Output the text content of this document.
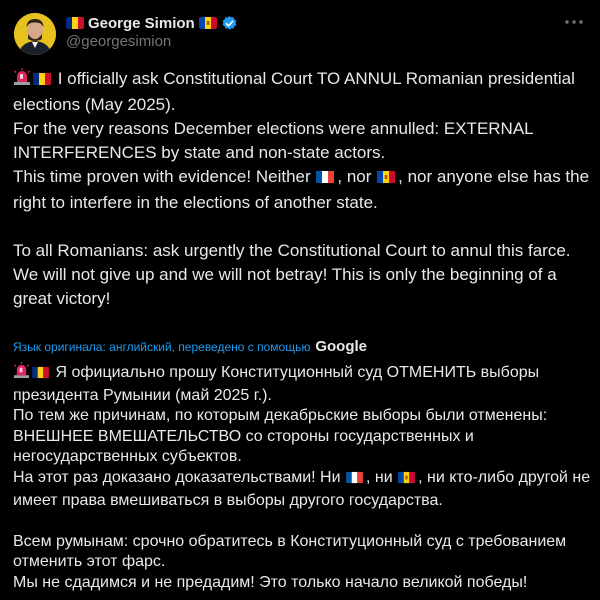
George Simion
@georgesimion

I officially ask Constitutional Court TO ANNUL Romanian presidential elections (May 2025).

For the very reasons December elections were annulled: EXTERNAL INTERFERENCES by state and non-state actors.

This time proven with evidence! Neither , nor , nor anyone else has the right to interfere in the elections of another state.

To all Romanians: ask urgently the Constitutional Court to annul this farce.

We will not give up and we will not betray! This is only the beginning of a great victory!

Язык оригинала: английский, переведено с помощью Google

Я официально прошу Конституционный суд ОТМЕНИТЬ выборы президента Румынии (май 2025 г.).

По тем же причинам, по которым декабрьские выборы были отменены: ВНЕШНЕЕ ВМЕШАТЕЛЬСТВО со стороны государственных и негосударственных субъектов.

На этот раз доказано доказательствами! Ни , ни , ни кто-либо другой не имеет права вмешиваться в выборы другого государства.

Всем румынам: срочно обратитесь в Конституционный суд с требованием отменить этот фарс.

Мы не сдадимся и не предадим! Это только начало великой победы!
